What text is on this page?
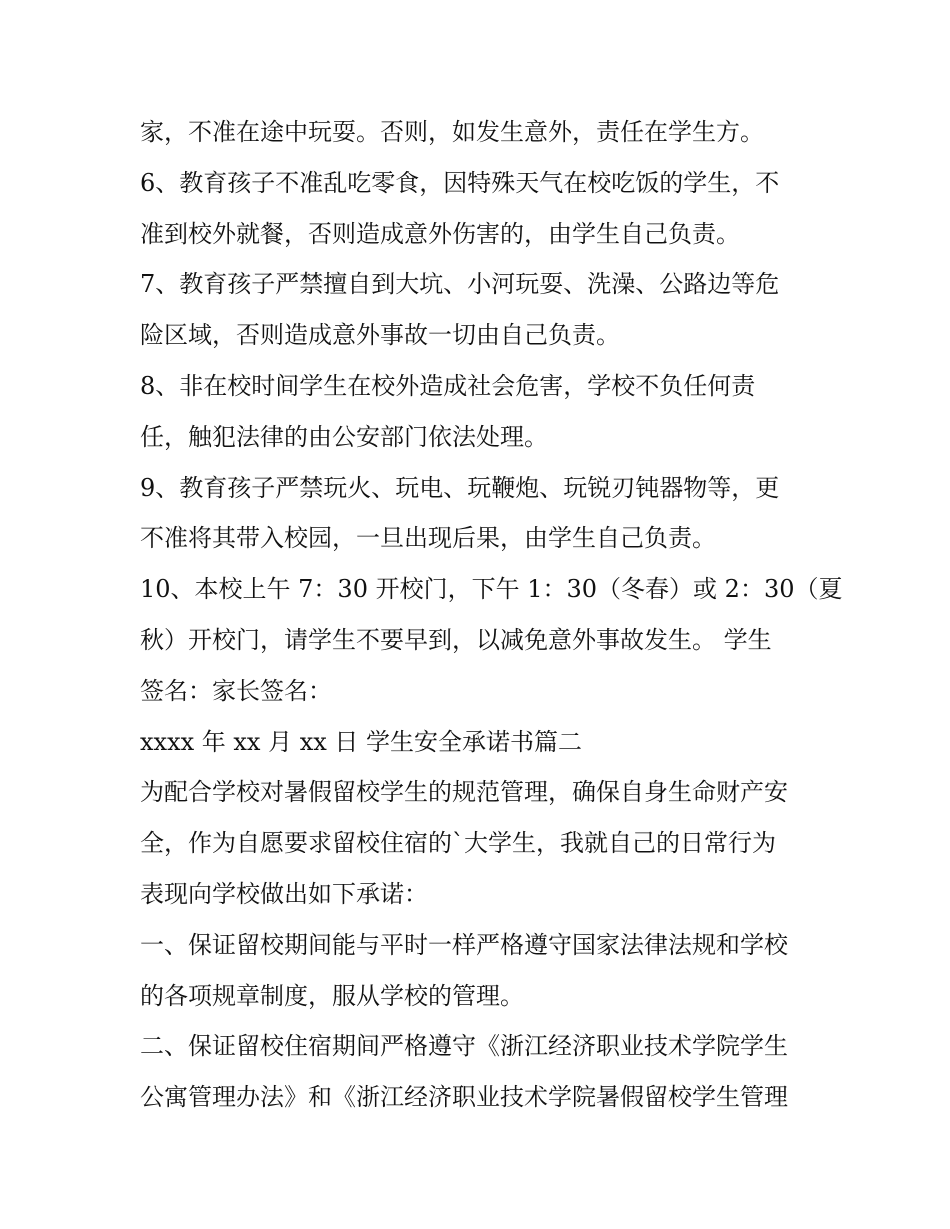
家，不准在途中玩耍。否则，如发生意外，责任在学生方。
6、教育孩子不准乱吃零食，因特殊天气在校吃饭的学生，不
准到校外就餐，否则造成意外伤害的，由学生自己负责。
7、教育孩子严禁擅自到大坑、小河玩耍、洗澡、公路边等危
险区域，否则造成意外事故一切由自己负责。
8、非在校时间学生在校外造成社会危害，学校不负任何责
任，触犯法律的由公安部门依法处理。
9、教育孩子严禁玩火、玩电、玩鞭炮、玩锐刃钝器物等，更
不准将其带入校园，一旦出现后果，由学生自己负责。
10、本校上午 7：30 开校门，下午 1：30（冬春）或 2：30（夏
秋）开校门，请学生不要早到，以减免意外事故发生。 学生
签名：家长签名：
xxxx 年 xx 月 xx 日 学生安全承诺书篇二
为配合学校对暑假留校学生的规范管理，确保自身生命财产安
全，作为自愿要求留校住宿的`大学生，我就自己的日常行为
表现向学校做出如下承诺：
一、保证留校期间能与平时一样严格遵守国家法律法规和学校
的各项规章制度，服从学校的管理。
二、保证留校住宿期间严格遵守《浙江经济职业技术学院学生
公寓管理办法》和《浙江经济职业技术学院暑假留校学生管理
